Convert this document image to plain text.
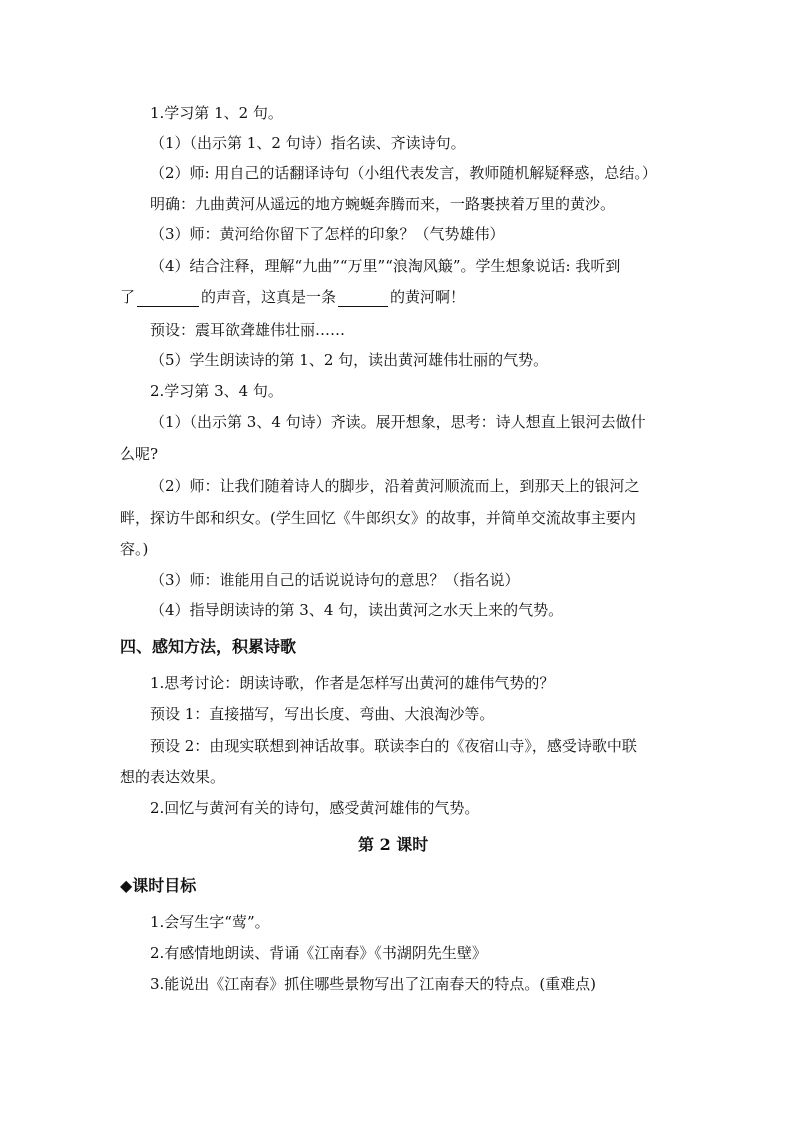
1.学习第 1、2 句。
（1）（出示第 1、2 句诗）指名读、齐读诗句。
（2）师: 用自己的话翻译诗句（小组代表发言，教师随机解疑释惑，总结。）
明确：九曲黄河从遥远的地方蜿蜒奔腾而来，一路裹挟着万里的黄沙。
（3）师：黄河给你留下了怎样的印象？（气势雄伟）
（4）结合注释，理解“九曲”“万里”“浪淘风簸”。学生想象说话: 我听到
了	的声音，这真是一条	的黄河啊！
预设：震耳欲聋雄伟壮丽……
（5）学生朗读诗的第 1、2 句，读出黄河雄伟壮丽的气势。
2.学习第 3、4 句。
（1）（出示第 3、4 句诗）齐读。展开想象，思考：诗人想直上银河去做什
么呢?
（2）师：让我们随着诗人的脚步，沿着黄河顺流而上，到那天上的银河之
畔，探访牛郎和织女。(学生回忆《牛郎织女》的故事，并简单交流故事主要内
容。)
（3）师：谁能用自己的话说说诗句的意思？（指名说）
（4）指导朗读诗的第 3、4 句，读出黄河之水天上来的气势。
四、感知方法，积累诗歌
1.思考讨论：朗读诗歌，作者是怎样写出黄河的雄伟气势的？
预设 1：直接描写，写出长度、弯曲、大浪淘沙等。
预设 2：由现实联想到神话故事。联读李白的《夜宿山寺》，感受诗歌中联
想的表达效果。
2.回忆与黄河有关的诗句，感受黄河雄伟的气势。
第 2 课时
◆课时目标
1.会写生字“莺”。
2.有感情地朗读、背诵《江南春》《书湖阴先生壁》
3.能说出《江南春》抓住哪些景物写出了江南春天的特点。(重难点)
